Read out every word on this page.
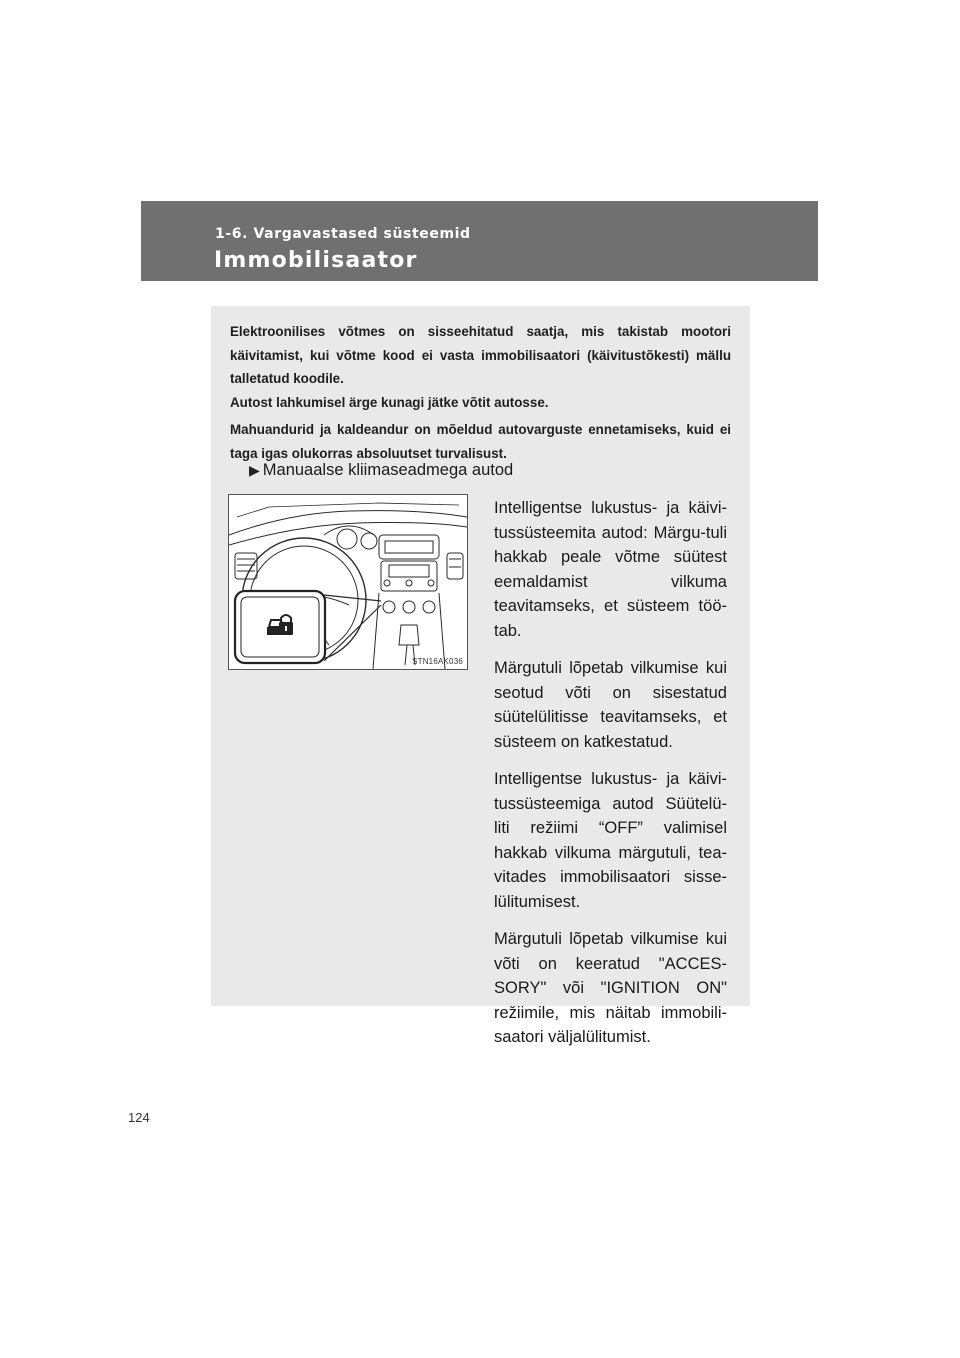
1-6. Vargavastased süsteemid
Immobilisaator

Elektroonilises võtmes on sisseehitatud saatja, mis takistab mootori käivitamist, kui võtme kood ei vasta immobilisaatori (käivitustõkesti) mällu talletatud koodile.

Autost lahkumisel ärge kunagi jätke võtit autosse.

Mahuandurid ja kaldeandur on mõeldud autovarguste ennetamiseks, kuid ei taga igas olukorras absoluutset turvalisust.

▶ Manuaalse kliimaseadmega autod
STN16AK036

Intelligentse lukustus- ja käivi-tussüsteemita autod: Märgu-tuli hakkab peale võtme süütest eemaldamist vilkuma teavitamseks, et süsteem töö-tab.

Märgutuli lõpetab vilkumise kui seotud võti on sisestatud süütelülitisse teavitamseks, et süsteem on katkestatud.

Intelligentse lukustus- ja käivi-tussüsteemiga autod Süütelü-liti režiimi “OFF” valimisel hakkab vilkuma märgutuli, tea-vitades immobilisaatori sisse-lülitumisest.

Märgutuli lõpetab vilkumise kui võti on keeratud "ACCES-SORY" või "IGNITION ON" režiimile, mis näitab immobili-saatori väljalülitumist.

124
